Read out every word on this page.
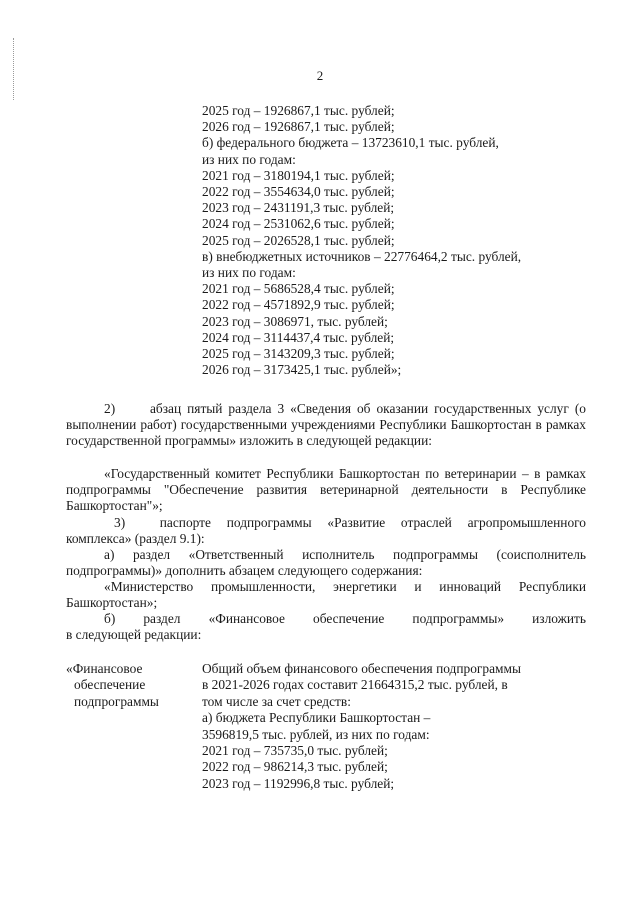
2
2025 год – 1926867,1 тыс. рублей;
2026 год – 1926867,1 тыс. рублей;
б) федерального бюджета – 13723610,1 тыс. рублей,
из них по годам:
2021 год – 3180194,1 тыс. рублей;
2022 год – 3554634,0 тыс. рублей;
2023 год – 2431191,3 тыс. рублей;
2024 год – 2531062,6 тыс. рублей;
2025 год – 2026528,1 тыс. рублей;
в) внебюджетных источников – 22776464,2 тыс. рублей,
из них по годам:
2021 год – 5686528,4 тыс. рублей;
2022 год – 4571892,9 тыс. рублей;
2023 год – 3086971, тыс. рублей;
2024 год – 3114437,4 тыс. рублей;
2025 год – 3143209,3 тыс. рублей;
2026 год – 3173425,1 тыс. рублей»;
2)	абзац пятый раздела 3 «Сведения об оказании государственных услуг (о выполнении работ) государственными учреждениями Республики Башкортостан в рамках государственной программы» изложить в следующей редакции:
«Государственный комитет Республики Башкортостан по ветеринарии – в рамках подпрограммы "Обеспечение развития ветеринарной деятельности в Республике Башкортостан"»;
3)	паспорте подпрограммы «Развитие отраслей агропромышленного комплекса» (раздел 9.1):
а) раздел «Ответственный исполнитель подпрограммы (соисполнитель подпрограммы)» дополнить абзацем следующего содержания:
«Министерство промышленности, энергетики и инноваций Республики Башкортостан»;
б) раздел «Финансовое обеспечение подпрограммы» изложить
в следующей редакции:
«Финансовое
обеспечение
подпрограммы
Общий объем финансового обеспечения подпрограммы
в 2021-2026 годах составит 21664315,2 тыс. рублей, в
том числе за счет средств:
а) бюджета Республики Башкортостан –
3596819,5 тыс. рублей, из них по годам:
2021 год – 735735,0 тыс. рублей;
2022 год – 986214,3 тыс. рублей;
2023 год – 1192996,8 тыс. рублей;
